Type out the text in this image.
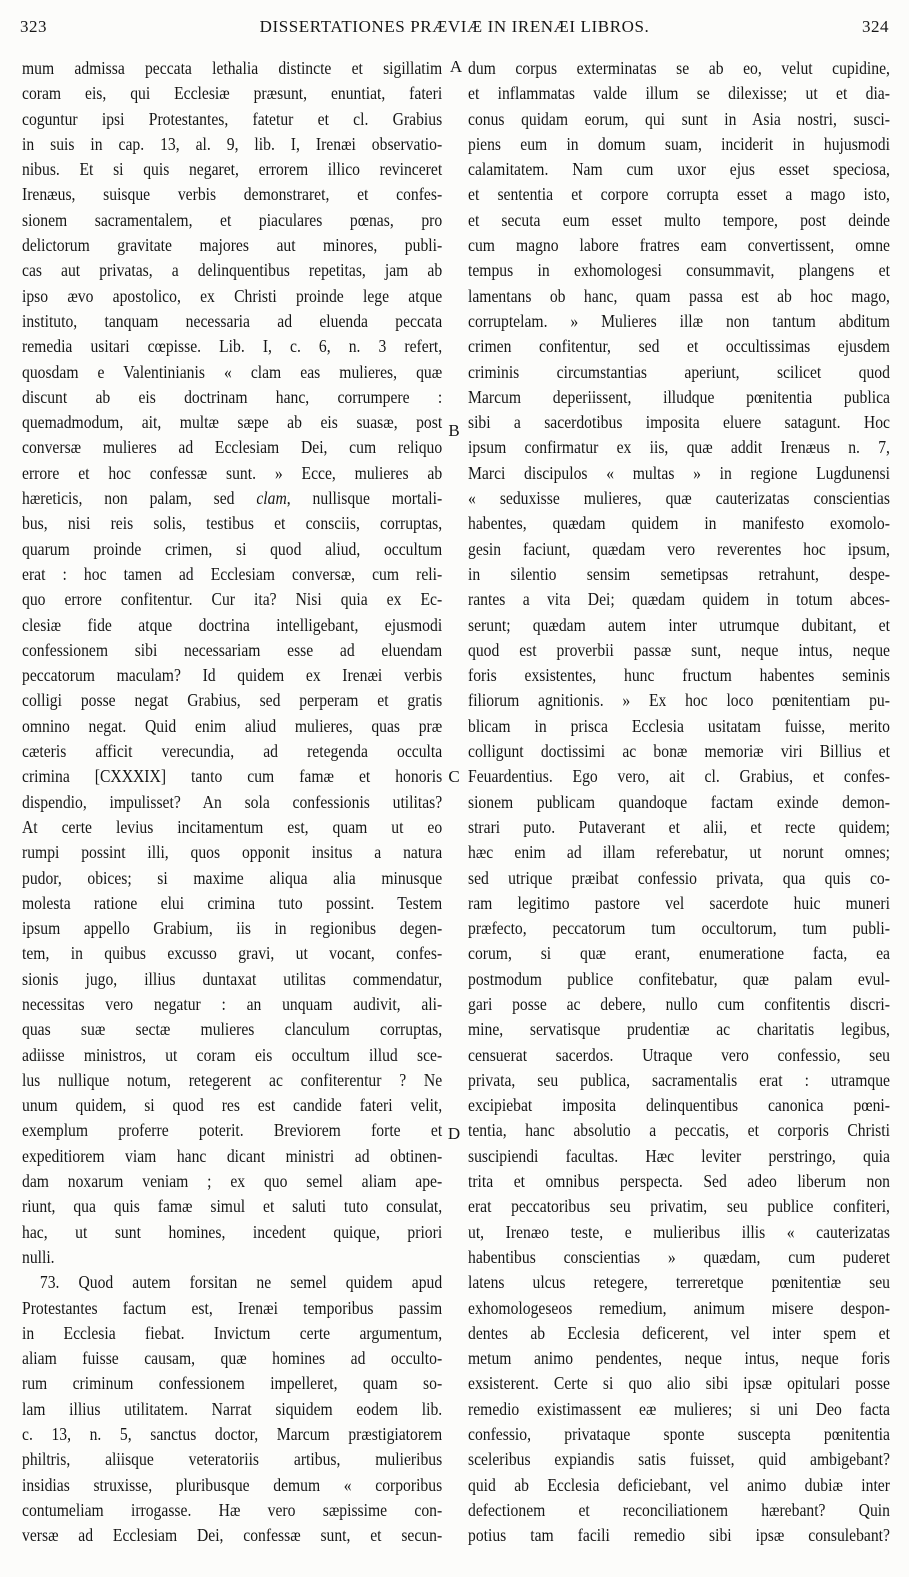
323	DISSERTATIONES PRÆVIÆ IN IRENÆI LIBROS.	324
mum admissa peccata lethalia distincte et sigillatim
coram eis, qui Ecclesiæ præsunt, enuntiat, fateri
coguntur ipsi Protestantes, fatetur et cl. Grabius
in suis in cap. 13, al. 9, lib. I, Irenæi observatio-
nibus. Et si quis negaret, errorem illico revinceret
Irenæus, suisque verbis demonstraret, et confes-
sionem sacramentalem, et piaculares pœnas, pro
delictorum gravitate majores aut minores, publi-
cas aut privatas, a delinquentibus repetitas, jam ab
ipso ævo apostolico, ex Christi proinde lege atque
instituto, tanquam necessaria ad eluenda peccata
remedia usitari cœpisse. Lib. I, c. 6, n. 3 refert,
quosdam e Valentinianis « clam eas mulieres, quæ
discunt ab eis doctrinam hanc, corrumpere :
quemadmodum, ait, multæ sæpe ab eis suasæ, post
conversæ mulieres ad Ecclesiam Dei, cum reliquo
errore et hoc confessæ sunt. » Ecce, mulieres ab
hæreticis, non palam, sed clam, nullisque mortali-
bus, nisi reis solis, testibus et consciis, corruptas,
quarum proinde crimen, si quod aliud, occultum
erat : hoc tamen ad Ecclesiam conversæ, cum reli-
quo errore confitentur. Cur ita? Nisi quia ex Ec-
clesiæ fide atque doctrina intelligebant, ejusmodi
confessionem sibi necessariam esse ad eluendam
peccatorum maculam? Id quidem ex Irenæi verbis
colligi posse negat Grabius, sed perperam et gratis
omnino negat. Quid enim aliud mulieres, quas præ
cæteris afficit verecundia, ad retegenda occulta
crimina [CXXXIX] tanto cum famæ et honoris
dispendio, impulisset? An sola confessionis utilitas?
At certe levius incitamentum est, quam ut eo
rumpi possint illi, quos opponit insitus a natura
pudor, obices; si maxime aliqua alia minusque
molesta ratione elui crimina tuto possint. Testem
ipsum appello Grabium, iis in regionibus degen-
tem, in quibus excusso gravi, ut vocant, confes-
sionis jugo, illius duntaxat utilitas commendatur,
necessitas vero negatur : an unquam audivit, ali-
quas suæ sectæ mulieres clanculum corruptas,
adiisse ministros, ut coram eis occultum illud sce-
lus nullique notum, retegerent ac confiterentur ? Ne
unum quidem, si quod res est candide fateri velit,
exemplum proferre poterit. Breviorem forte et
expeditiorem viam hanc dicant ministri ad obtinen-
dam noxarum veniam ; ex quo semel aliam ape-
riunt, qua quis famæ simul et saluti tuto consulat,
hac, ut sunt homines, incedent quique, priori
nulli.
73. Quod autem forsitan ne semel quidem apud
Protestantes factum est, Irenæi temporibus passim
in Ecclesia fiebat. Invictum certe argumentum,
aliam fuisse causam, quæ homines ad occulto-
rum criminum confessionem impelleret, quam so-
lam illius utilitatem. Narrat siquidem eodem lib.
c. 13, n. 5, sanctus doctor, Marcum præstigiatorem
philtris, aliisque veteratoriis artibus, mulieribus
insidias struxisse, pluribusque demum « corporibus
contumeliam irrogasse. Hæ vero sæpissime con-
versæ ad Ecclesiam Dei, confessæ sunt, et secun-
dum corpus exterminatas se ab eo, velut cupidine,
et inflammatas valde illum se dilexisse; ut et dia-
conus quidam eorum, qui sunt in Asia nostri, susci-
piens eum in domum suam, inciderit in hujusmodi
calamitatem. Nam cum uxor ejus esset speciosa,
et sententia et corpore corrupta esset a mago isto,
et secuta eum esset multo tempore, post deinde
cum magno labore fratres eam convertissent, omne
tempus in exhomologesi consummavit, plangens et
lamentans ob hanc, quam passa est ab hoc mago,
corruptelam. » Mulieres illæ non tantum abditum
crimen confitentur, sed et occultissimas ejusdem
criminis circumstantias aperiunt, scilicet quod
Marcum deperiissent, illudque pœnitentia publica
sibi a sacerdotibus imposita eluere satagunt. Hoc
ipsum confirmatur ex iis, quæ addit Irenæus n. 7,
Marci discipulos « multas » in regione Lugdunensi
« seduxisse mulieres, quæ cauterizatas conscientias
habentes, quædam quidem in manifesto exomolo-
gesin faciunt, quædam vero reverentes hoc ipsum,
in silentio sensim semetipsas retrahunt, despe-
rantes a vita Dei; quædam quidem in totum abces-
serunt; quædam autem inter utrumque dubitant, et
quod est proverbii passæ sunt, neque intus, neque
foris exsistentes, hunc fructum habentes seminis
filiorum agnitionis. » Ex hoc loco pœnitentiam pu-
blicam in prisca Ecclesia usitatam fuisse, merito
colligunt doctissimi ac bonæ memoriæ viri Billius et
Feuardentius. Ego vero, ait cl. Grabius, et confes-
sionem publicam quandoque factam exinde demon-
strari puto. Putaverant et alii, et recte quidem;
hæc enim ad illam referebatur, ut norunt omnes;
sed utrique præibat confessio privata, qua quis co-
ram legitimo pastore vel sacerdote huic muneri
præfecto, peccatorum tum occultorum, tum publi-
corum, si quæ erant, enumeratione facta, ea
postmodum publice confitebatur, quæ palam evul-
gari posse ac debere, nullo cum confitentis discri-
mine, servatisque prudentiæ ac charitatis legibus,
censuerat sacerdos. Utraque vero confessio, seu
privata, seu publica, sacramentalis erat : utramque
excipiebat imposita delinquentibus canonica pœni-
tentia, hanc absolutio a peccatis, et corporis Christi
suscipiendi facultas. Hæc leviter perstringo, quia
trita et omnibus perspecta. Sed adeo liberum non
erat peccatoribus seu privatim, seu publice confiteri,
ut, Irenæo teste, e mulieribus illis « cauterizatas
habentibus conscientias » quædam, cum puderet
latens ulcus retegere, terreretque pœnitentiæ seu
exhomologeseos remedium, animum misere despon-
dentes ab Ecclesia deficerent, vel inter spem et
metum animo pendentes, neque intus, neque foris
exsisterent. Certe si quo alio sibi ipsæ opitulari posse
remedio existimassent eæ mulieres; si uni Deo facta
confessio, privataque sponte suscepta pœnitentia
sceleribus expiandis satis fuisset, quid ambigebant?
quid ab Ecclesia deficiebant, vel animo dubiæ inter
defectionem et reconciliationem hærebant? Quin
potius tam facili remedio sibi ipsæ consulebant?
A
B
C
D
